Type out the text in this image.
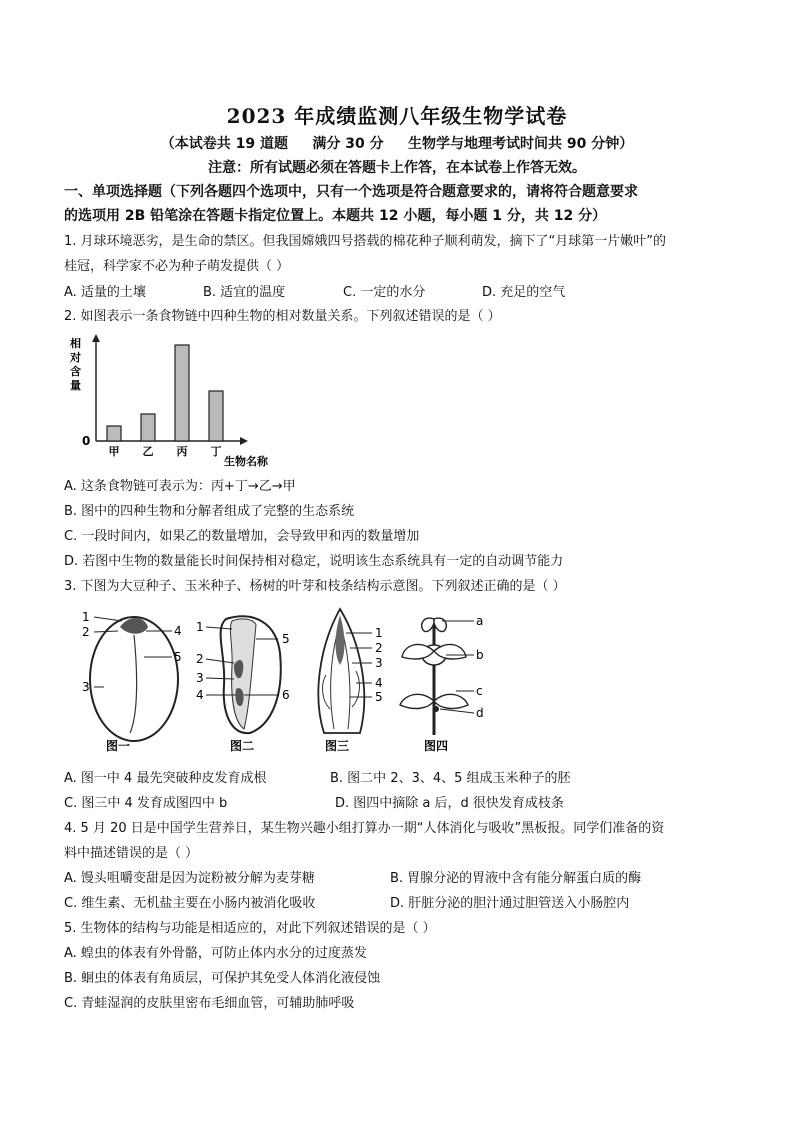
2023 年成绩监测八年级生物学试卷
（本试卷共 19 道题     满分 30 分     生物学与地理考试时间共 90 分钟）
注意：所有试题必须在答题卡上作答，在本试卷上作答无效。
一、单项选择题（下列各题四个选项中，只有一个选项是符合题意要求的，请将符合题意要求
的选项用 2B 铅笔涂在答题卡指定位置上。本题共 12 小题，每小题 1 分，共 12 分）
1. 月球环境恶劣，是生命的禁区。但我国嫦娥四号搭载的棉花种子顺利萌发，摘下了“月球第一片嫩叶”的
桂冠，科学家不必为种子萌发提供（ ）
A. 适量的土壤	B. 适宜的温度	C. 一定的水分	D. 充足的空气
2. 如图表示一条食物链中四种生物的相对数量关系。下列叙述错误的是（ ）
相
对
含
量
0
生物名称
甲 乙 丙 丁
A. 这条食物链可表示为：丙+丁→乙→甲
B. 图中的四种生物和分解者组成了完整的生态系统
C. 一段时间内，如果乙的数量增加，会导致甲和丙的数量增加
D. 若图中生物的数量能长时间保持相对稳定，说明该生态系统具有一定的自动调节能力
3. 下图为大豆种子、玉米种子、杨树的叶芽和枝条结构示意图。下列叙述正确的是（ ）
1
2
3
4
5
图一
1
2
3
4
5
6
图二
1
2
3
4
5
图三
a
b
c
d
图四
A. 图一中 4 最先突破种皮发育成根	B. 图二中 2、3、4、5 组成玉米种子的胚
C. 图三中 4 发育成图四中 b	D. 图四中摘除 a 后，d 很快发育成枝条
4. 5 月 20 日是中国学生营养日，某生物兴趣小组打算办一期“人体消化与吸收”黑板报。同学们准备的资
料中描述错误的是（ ）
A. 馒头咀嚼变甜是因为淀粉被分解为麦芽糖	B. 胃腺分泌的胃液中含有能分解蛋白质的酶
C. 维生素、无机盐主要在小肠内被消化吸收	D. 肝脏分泌的胆汁通过胆管送入小肠腔内
5. 生物体的结构与功能是相适应的，对此下列叙述错误的是（ ）
A. 蝗虫的体表有外骨骼，可防止体内水分的过度蒸发
B. 蛔虫的体表有角质层，可保护其免受人体消化液侵蚀
C. 青蛙湿润的皮肤里密布毛细血管，可辅助肺呼吸
